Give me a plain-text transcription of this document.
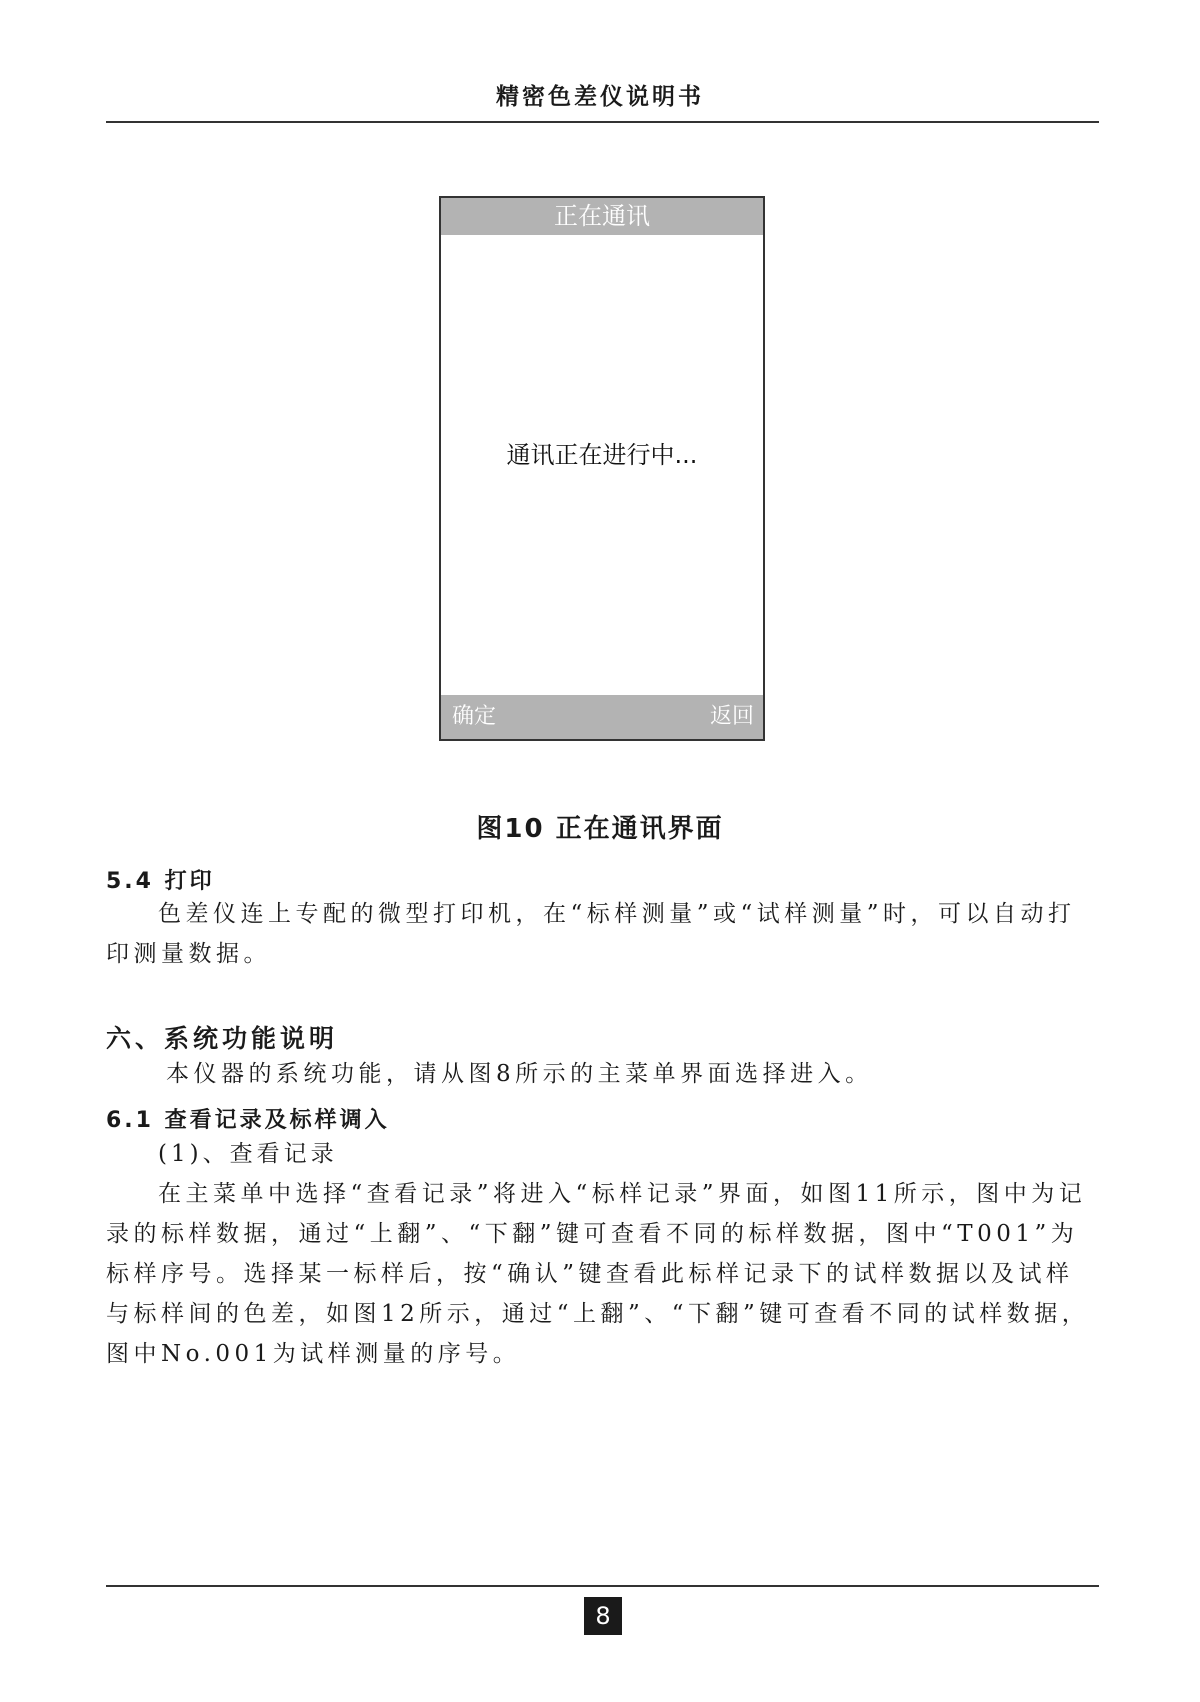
精密色差仪说明书
正在通讯
通讯正在进行中...
确定	返回
图10 正在通讯界面
5.4 打印
色差仪连上专配的微型打印机，在“标样测量”或“试样测量”时，可以自动打印测量数据。
六、系统功能说明
本仪器的系统功能，请从图8所示的主菜单界面选择进入。
6.1 查看记录及标样调入
(1)、查看记录
在主菜单中选择“查看记录”将进入“标样记录”界面，如图11所示，图中为记录的标样数据，通过“上翻”、“下翻”键可查看不同的标样数据，图中“T001”为标样序号。选择某一标样后，按“确认”键查看此标样记录下的试样数据以及试样与标样间的色差，如图12所示，通过“上翻”、“下翻”键可查看不同的试样数据，图中No.001为试样测量的序号。
8
